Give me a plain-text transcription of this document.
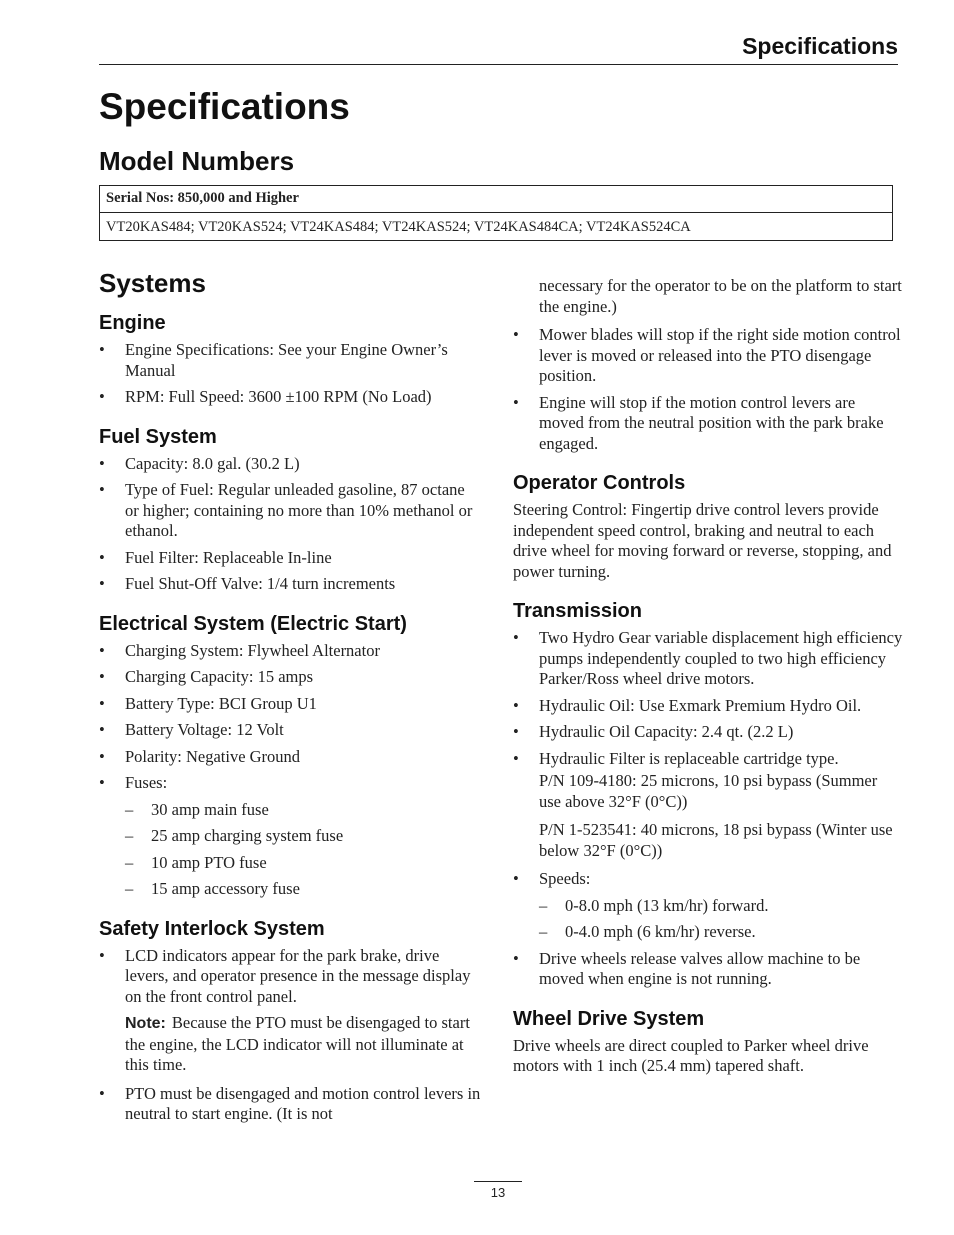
Specifications
Specifications
Model Numbers
Serial Nos: 850,000 and Higher
VT20KAS484; VT20KAS524; VT24KAS484; VT24KAS524; VT24KAS484CA; VT24KAS524CA
Systems
Engine
• Engine Specifications: See your Engine Owner’s Manual
• RPM: Full Speed: 3600 ±100 RPM (No Load)
Fuel System
• Capacity: 8.0 gal. (30.2 L)
• Type of Fuel: Regular unleaded gasoline, 87 octane or higher; containing no more than 10% methanol or ethanol.
• Fuel Filter: Replaceable In-line
• Fuel Shut-Off Valve: 1/4 turn increments
Electrical System (Electric Start)
• Charging System: Flywheel Alternator
• Charging Capacity: 15 amps
• Battery Type: BCI Group U1
• Battery Voltage: 12 Volt
• Polarity: Negative Ground
• Fuses:
– 30 amp main fuse
– 25 amp charging system fuse
– 10 amp PTO fuse
– 15 amp accessory fuse
Safety Interlock System
• LCD indicators appear for the park brake, drive levers, and operator presence in the message display on the front control panel.

Note: Because the PTO must be disengaged to start the engine, the LCD indicator will not illuminate at this time.

• PTO must be disengaged and motion control levers in neutral to start engine. (It is not

necessary for the operator to be on the platform to start the engine.)

• Mower blades will stop if the right side motion control lever is moved or released into the PTO disengage position.
• Engine will stop if the motion control levers are moved from the neutral position with the park brake engaged.
Operator Controls

Steering Control: Fingertip drive control levers provide independent speed control, braking and neutral to each drive wheel for moving forward or reverse, stopping, and power turning.

Transmission
• Two Hydro Gear variable displacement high efficiency pumps independently coupled to two high efficiency Parker/Ross wheel drive motors.
• Hydraulic Oil: Use Exmark Premium Hydro Oil.
• Hydraulic Oil Capacity: 2.4 qt. (2.2 L)
• Hydraulic Filter is replaceable cartridge type.

P/N 109-4180: 25 microns, 10 psi bypass (Summer use above 32°F (0°C))

P/N 1-523541: 40 microns, 18 psi bypass (Winter use below 32°F (0°C))

• Speeds:
– 0-8.0 mph (13 km/hr) forward.
– 0-4.0 mph (6 km/hr) reverse.
• Drive wheels release valves allow machine to be moved when engine is not running.
Wheel Drive System

Drive wheels are direct coupled to Parker wheel drive motors with 1 inch (25.4 mm) tapered shaft.

13
